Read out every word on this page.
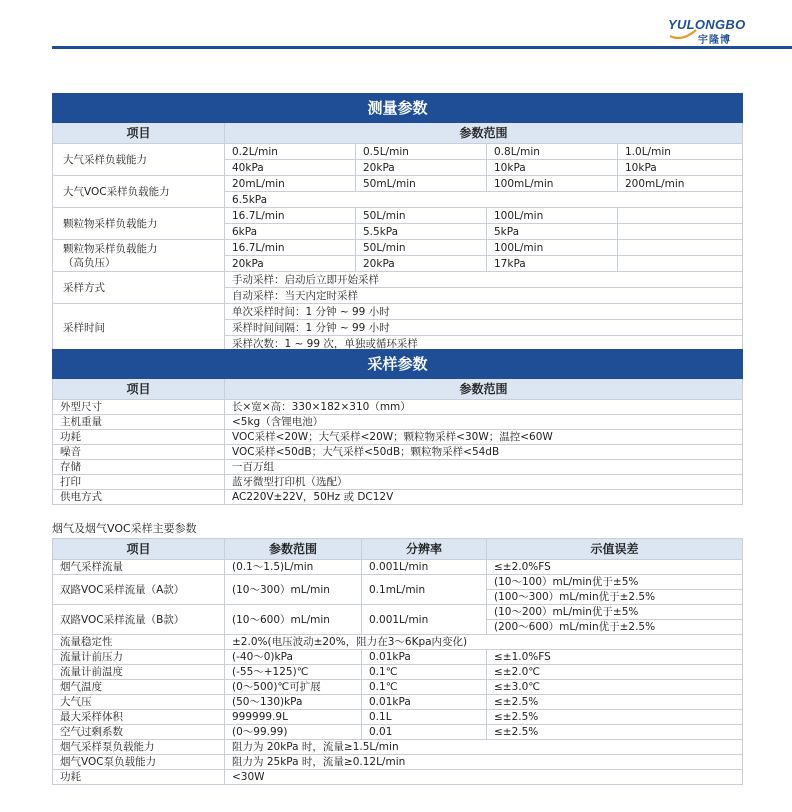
YULONGBO
宇隆博
测量参数				
项目	参数范围			
大气采样负载能力	0.2L/min	0.5L/min	0.8L/min	1.0L/min
	40kPa	20kPa	10kPa	10kPa
大气VOC采样负载能力	20mL/min	50mL/min	100mL/min	200mL/min
	6.5kPa			
颗粒物采样负载能力	16.7L/min	50L/min	100L/min	
	6kPa	5.5kPa	5kPa	
颗粒物采样负载能力
（高负压）	16.7L/min	50L/min	100L/min	
	20kPa	20kPa	17kPa	
采样方式	手动采样：启动后立即开始采样			
	自动采样：当天内定时采样			
采样时间	单次采样时间：1 分钟 ~ 99 小时			
	采样时间间隔：1 分钟 ~ 99 小时			
	采样次数：1 ~ 99 次，单独或循环采样			
采样参数	
项目	参数范围
外型尺寸	长×宽×高：330×182×310（mm）
主机重量	<5kg（含锂电池）
功耗	VOC采样<20W；大气采样<20W；颗粒物采样<30W；温控<60W
噪音	VOC采样<50dB；大气采样<50dB；颗粒物采样<54dB
存储	一百万组
打印	蓝牙微型打印机（选配）
供电方式	AC220V±22V，50Hz 或 DC12V
烟气及烟气VOC采样主要参数
项目	参数范围	分辨率	示值误差
烟气采样流量	(0.1～1.5)L/min	0.001L/min	≤±2.0%FS
双路VOC采样流量（A款）	(10～300）mL/min	0.1mL/min	(10～100）mL/min优于±5%
			(100～300）mL/min优于±2.5%
双路VOC采样流量（B款）	(10～600）mL/min	0.001L/min	(10～200）mL/min优于±5%
			(200～600）mL/min优于±2.5%
流量稳定性	±2.0%(电压波动±20%，阻力在3～6Kpa内变化)		
流量计前压力	(-40～0)kPa	0.01kPa	≤±1.0%FS
流量计前温度	(-55～+125)℃	0.1℃	≤±2.0℃
烟气温度	(0～500)℃可扩展	0.1℃	≤±3.0℃
大气压	(50～130)kPa	0.01kPa	≤±2.5%
最大采样体积	999999.9L	0.1L	≤±2.5%
空气过剩系数	(0～99.99)	0.01	≤±2.5%
烟气采样泵负载能力	阻力为 20kPa 时，流量≥1.5L/min		
烟气VOC泵负载能力	阻力为 25kPa 时，流量≥0.12L/min		
功耗	<30W		
